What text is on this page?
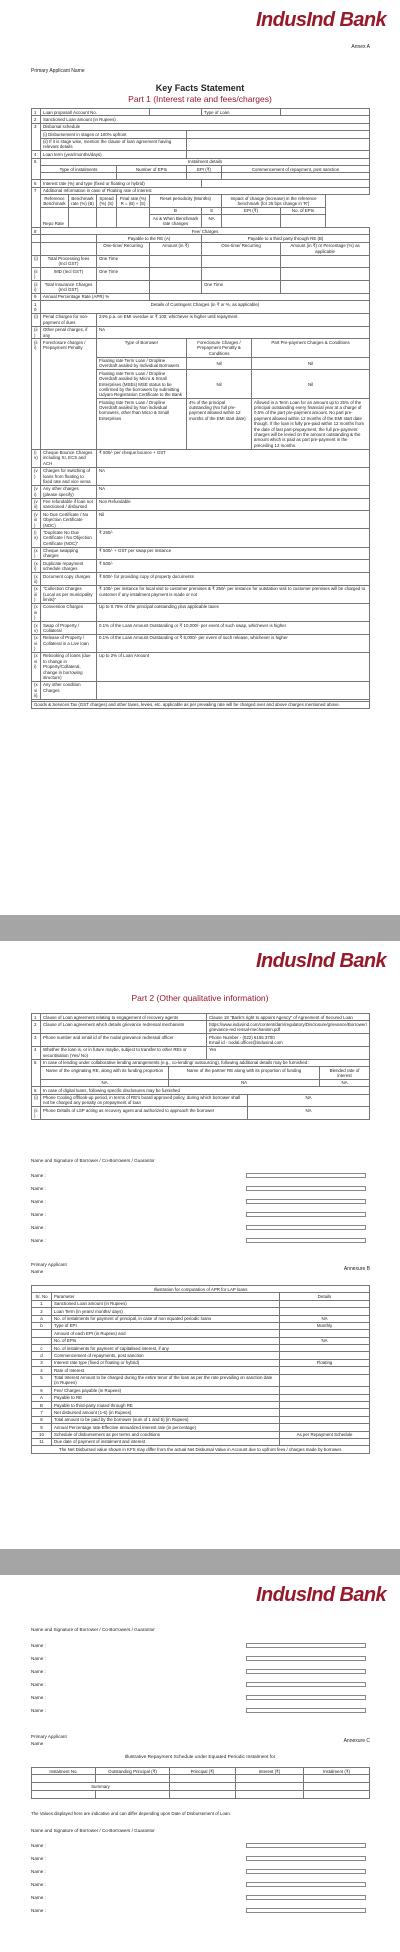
IndusInd Bank
Annex A
Primary Applicant Name
Key Facts Statement
Part 1 (Interest rate and fees/charges)
1	Loan proposal/ Account No.						Type of Loan			
2	Sanctioned Loan amount (in Rupees)									
3	Disbursal schedule									
	(i) Disbursement in stages or 100% upfront									
	(ii) If it is stage wise, mention the clause of loan agreement having relevant details									
4	Loan term (year/months/days)									
5	Instalment details									
	Type of instalments			Number of EPIs		EPI (₹)		Commencement of repayment, post sanction		

6	Interest rate (%) and type (fixed or floating or hybrid)									
7	Additional Information in case of Floating rate of interest									
	Reference Benchmark	Benchmark rate (%) (B)	Spread (%) (S)	Final rate (%) R = (B) + (S)	Reset periodicity (Months)			Impact of change (increase) in the reference benchmark (for 25 bps change in 'R')		
	Repo Rate				B		S	EPI (₹)		No. of EPIs
					As & When Benchmark rate changes		NA			
8	Fee/ Charges									
			Payable to the RE (A)				Payable to a third party through RE (B)			
			One-time/ Recurring		Amount (in ₹)		One-time/ Recurring			Amount (in ₹) or Percentage (%) as applicable
(i)	Total Processing fees (Incl GST)		One Time							
(ii)	IMD (Incl GST)		One Time							
(iii)	Total Insurance Charges (Incl GST)						One Time			
9	Annual Percentage Rate (APR) %									
10	Details of Contingent Charges (in ₹ or %, as applicable)									
(i)	Penal Charges for non-payment of dues		24% p.a. on EMI overdue or ₹ 100; whichever is higher until repayment							
(ii)	Other penal charges, if any		NA							
(iii)	Foreclosure charges / Prepayment Penalty		Type of Borrower			Foreclosure Charges / Prepayment Penalty & Conditions			Part Pre-payment Charges & Conditions	
			Floating rate Term Loan / Dropline Overdraft availed by Individual Borrowers			Nil			Nil	
			Floating rate Term Loan / Dropline Overdraft availed by Micro & Small Enterprises (MSEs) MSE status to be confirmed by the borrowers by submitting Udyam Registration Certificate to the Bank			Nil			Nil	
			Floating rate Term Loan / Dropline Overdraft availed by Non individual borrowers, other than Micro & Small Enterprises			4% of the principal outstanding (No full pre-payment allowed within 12 months of the EMI start date)			Allowed in a Term Loan for an amount up to 25% of the principal outstanding every financial year at a charge of 0.5% of the part pre-payment amount. No part pre-payment allowed within 12 months of the EMI start date though. If the loan is fully pre-paid within 12 months from the date of last part-prepayment, the full pre-payment charges will be levied on the amount outstanding & the amount which is paid as part pre-payment in the preceding 12 months.	
(iv)	Cheque Bounce Charges including SI, ECS and ACH		₹ 500/- per cheque bounce + GST							
(v)	Charges for switching of loans from floating to fixed rate and vice versa		NA							
(vi)	Any other charges (please specify)		NA							
(vii)	Fee refundable if loan not sanctioned / disbursed		Non Refundable							
(viii)	No Due Certificate / No Objection Certificate (NOC)		Nil							
(ix)	"Duplicate No Due Certificate / No Objection Certificate (NOC)"		₹ 250/-							
(x)	Cheque swapping charges		₹ 500/- + GST per swap per instance							
(xi)	Duplicate repayment schedule charges		₹ 500/-							
(xii)	Document copy charges		₹ 500/- for providing copy of property documents							
(xiii)	"Collection Charges (Local as per municipality limits)"		₹ 100/- per instance for local visit to customer premises & ₹ 250/- per instance for outstation visit to customer premises will be charged to customer if any instalment payment is made or not							
(xiv)	Conversion Charges		Up to 0.75% of the principal outstanding plus applicable taxes							
(xv)	Swap of Property / Collateral		0.1% of the Loan Amount Outstanding or ₹ 10,000/- per event of such swap, whichever is higher							
(xvi)	Release of Property / Collateral in a Live loan		0.1% of the Loan Amount Outstanding or ₹ 5,000/- per event of such release, whichever is higher							
(xvii)	Rebooking of loans (due to change in Property/Collateral, change in borrowing structure)		Up to 2% of Loan Amount							
(xviii)	Any other condition Charges									

Goods & Services Tax (GST charges) and other taxes, levies, etc. applicable as per prevailing rate will be charged over and above charges mentioned above.										
IndusInd Bank
Part 2 (Other qualitative information)
1	Clause of Loan agreement relating to engagement of recovery agents		Clause 18 "Bank's right to appoint Agency" of Agreement of Secured Loan		
2	Clause of Loan agreement which details grievance redressal mechanism		https://www.indusind.com/content/dam/regulatory/Disclosure/grievance/Borrower/grievance-red ressal-mechanism.pdf		
3	Phone number and email id of the nodal grievance redressal officer		Phone Number - (022) 6155 3700
Email id - nodal.officer@indusind.com		
4	Whether the loan is, or in future maybe, subject to transfer to other REs or securitisation (Yes/ No)		Yes		
5	In case of lending under collaborative lending arrangements (e.g., co-lending/ outsourcing), following additional details may be furnished :				
	Name of the originating RE, along with its funding proportion	Name of the partner RE along with its proportion of funding			Blended rate of interest
	NA	NA			NA
6	In case of digital loans, following specific disclosures may be furnished				
(i)	Phone Cooling off/look-up period, in terms of RE's board approved policy, during which borrower shall not be charged any penalty on prepayment of loan			NA	
(ii)	Phone Details of LSP acting as recovery agent and authorized to approach the borrower			NA	
Name and Signature of Borrower / Co-Borrowers / Guarantor
Name :
Name :
Name :
Name :
Name :
Name :
Primary Applicant
Name	Annexure B
Illustration for computation of APR for LAP loans		
Sr. No	Parameter	Details
1	Sanctioned Loan amount (in Rupees)	
2	Loan Term (in years/ months/ days)	
a	No. of instalments for payment of principal, in case of non equated periodic loans	NA
b	Type of EPI	Monthly
	Amount of each EPI (in Rupees) and	
	No. of EPIs	NA
c	No. of instalments for payment of capitalised interest, if any	
d	Commencement of repayments, post sanction	
3	Interest rate type (fixed or floating or hybrid)	Floating
4	Rate of Interest	
5	Total Interest Amount to be charged during the entire tenor of the loan as per the rate prevailing on sanction date (in Rupees)	
6	Fee/ Charges payable (in Rupees)	
A	Payable to RE	
B	Payable to third-party routed through RE	
7	Net disbursed amount (1-6) (in Rupees)	
8	Total amount to be paid by the borrower (sum of 1 and 5) (in Rupees)	
9	Annual Percentage rate-Effective annualized interest rate (in percentage)	
10	Schedule of disbursement as per terms and conditions	As per Repayment Schedule
11	Due date of payment of instalment and interest	
The Net Disbursed value shown in KFS may differ from the actual Net Disbursal Value in Account due to upfront fees / charges made by borrower.		
IndusInd Bank
Name and Signature of Borrower / Co-Borrowers / Guarantor
Name :
Name :
Name :
Name :
Name :
Name :
Primary Applicant
Name	Annexure C
Illustrative Repayment Schedule under Equated Periodic Instalment for
Instalment No.	Outstanding Principal (₹)	Principal (₹)	Interest (₹)	Instalment (₹)

Summary				

The Values displayed here are indicative and can differ depending upon Date of Disbursement of Loan.
Name and Signature of Borrower / Co-Borrowers / Guarantor
Name :
Name :
Name :
Name :
Name :
Name :
